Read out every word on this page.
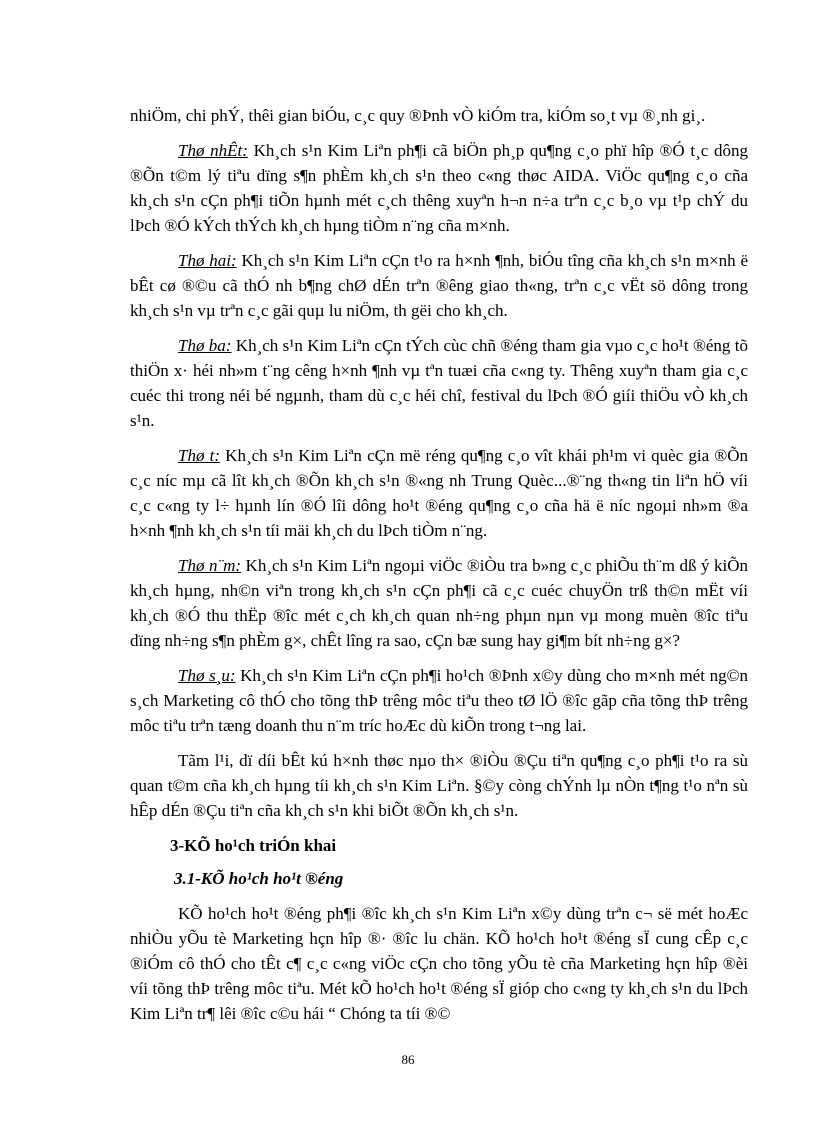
nhiÖm, chi phÝ, thêi gian biÓu, c¸c quy ®Þnh vÒ kiÓm tra, kiÓm so¸t vµ ®¸nh gi¸.

Thø nhÊt: Kh¸ch s¹n Kim Liªn ph¶i cã biÖn ph¸p qu¶ng c¸o phï hîp ®Ó t¸c dông ®Õn t©m lý tiªu dïng s¶n phÈm kh¸ch s¹n theo c«ng thøc AIDA. ViÖc qu¶ng c¸o cña kh¸ch s¹n cÇn ph¶i tiÕn hµnh mét c¸ch thêng xuyªn h¬n n÷a trªn c¸c b¸o vµ t¹p chÝ du lÞch ®Ó kÝch thÝch kh¸ch hµng tiÒm n¨ng cña m×nh.

Thø hai: Kh¸ch s¹n Kim Liªn cÇn t¹o ra h×nh ¶nh, biÓu tîng cña kh¸ch s¹n m×nh ë bÊt cø ®©u cã thÓ nh b¶ng chØ dÉn trªn ®êng giao th«ng, trªn c¸c vËt sö dông trong kh¸ch s¹n vµ trªn c¸c gãi quµ lu niÖm, th gëi cho kh¸ch.

Thø ba: Kh¸ch s¹n Kim Liªn cÇn tÝch cùc chñ ®éng tham gia vµo c¸c ho¹t ®éng tõ thiÖn x· héi nh»m t¨ng cêng h×nh ¶nh vµ tªn tuæi cña c«ng ty. Thêng xuyªn tham gia c¸c cuéc thi trong néi bé ngµnh, tham dù c¸c héi chî, festival du lÞch ®Ó giíi thiÖu vÒ kh¸ch s¹n.

Thø t: Kh¸ch s¹n Kim Liªn cÇn më réng qu¶ng c¸o vît khái ph¹m vi quèc gia ®Õn c¸c níc mµ cã lît kh¸ch ®Õn kh¸ch s¹n ®«ng nh Trung Quèc...®¨ng th«ng tin liªn hÖ víi c¸c c«ng ty l÷ hµnh lín ®Ó lîi dông ho¹t ®éng qu¶ng c¸o cña hä ë níc ngoµi nh»m ®a h×nh ¶nh kh¸ch s¹n tíi mäi kh¸ch du lÞch tiÒm n¨ng.

Thø n¨m: Kh¸ch s¹n Kim Liªn ngoµi viÖc ®iÒu tra b»ng c¸c phiÕu th¨m dß ý kiÕn kh¸ch hµng, nh©n viªn trong kh¸ch s¹n cÇn ph¶i cã c¸c cuéc chuyÖn trß th©n mËt víi kh¸ch ®Ó thu thËp ®îc mét c¸ch kh¸ch quan nh÷ng phµn nµn vµ mong muèn ®îc tiªu dïng nh÷ng s¶n phÈm g×, chÊt lîng ra sao, cÇn bæ sung hay gi¶m bít nh÷ng g×?

Thø s¸u: Kh¸ch s¹n Kim Liªn cÇn ph¶i ho¹ch ®Þnh x©y dùng cho m×nh mét ng©n s¸ch Marketing cô thÓ cho tõng thÞ trêng môc tiªu theo tØ lÖ ®îc gãp cña tõng thÞ trêng môc tiªu trªn tæng doanh thu n¨m tríc hoÆc dù kiÕn trong t¬ng lai.

Tãm l¹i, dï díi bÊt kú h×nh thøc nµo th× ®iÒu ®Çu tiªn qu¶ng c¸o ph¶i t¹o ra sù quan t©m cña kh¸ch hµng tíi kh¸ch s¹n Kim Liªn. §©y còng chÝnh lµ nÒn t¶ng t¹o nªn sù hÊp dÉn ®Çu tiªn cña kh¸ch s¹n khi biÕt ®Õn kh¸ch s¹n.

3-KÕ ho¹ch triÓn khai
3.1-KÕ ho¹ch ho¹t ®éng

KÕ ho¹ch ho¹t ®éng ph¶i ®îc kh¸ch s¹n Kim Liªn x©y dùng trªn c¬ së mét hoÆc nhiÒu yÕu tè Marketing hçn hîp ®· ®îc lu chän. KÕ ho¹ch ho¹t ®éng sÏ cung cÊp c¸c ®iÓm cô thÓ cho tÊt c¶ c¸c c«ng viÖc cÇn cho tõng yÕu tè cña Marketing hçn hîp ®èi víi tõng thÞ trêng môc tiªu. Mét kÕ ho¹ch ho¹t ®éng sÏ gióp cho c«ng ty kh¸ch s¹n du lÞch Kim Liªn tr¶ lêi ®îc c©u hái “ Chóng ta tíi ®©

86
